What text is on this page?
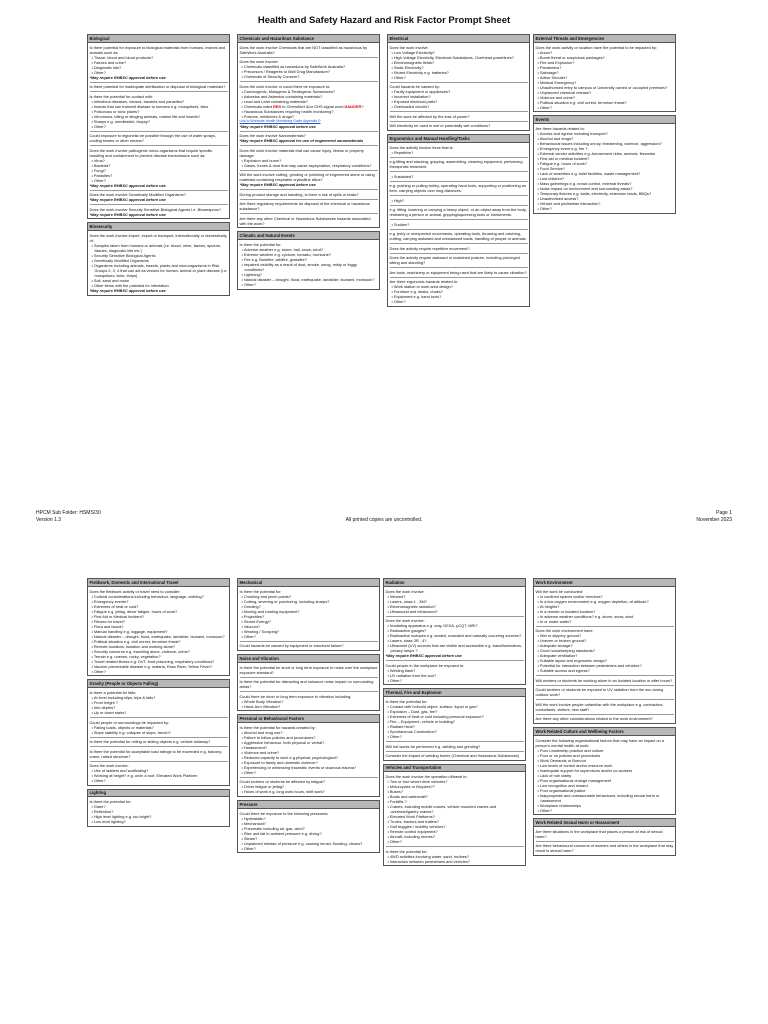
Health and Safety Hazard and Risk Factor Prompt Sheet
Biological

Is there potential for exposure to biological materials from humans, insects and animals such as:

• Tissue, blood and blood products?

• Faeces and urine?

• Diagnostic kits?

• Other?

*May require RHBSC approval before use

Is there potential for inadequate sterilisation or disposal of biological materials?

Is there the potential for contact with:

• Infectious diseases, viruses, bacteria and parasites?

• Insects that can transmit disease to humans e.g. mosquitoes, ticks

• Poisonous or toxic plants?

• Venomous, biting or stinging animals, marine life and insects?

• Sharps e.g. needlestick, biopsy?

• Other?

Could exposure to legionella be possible through the use of water sprays, cooling towers or other means?

Does the work involve pathogenic micro-organisms that require specific handling and containment to prevent disease transmission such as:

• Virus?

• Bacteria?

• Fungi?

• Parasites?

• Other?

*May require RHBSC approval before use

Does the work involve Genetically Modified Organisms?

*May require RHBSC approval before use

Does the work involve Security Sensitive Biological Agents i.e. Bioweapons?

*May require RHBSC approval before use

Biosecurity

Does the work involve import, export or transport, internationally or domestically, of:

• Samples taken from humans or animals (i.e. blood, urine, faeces, sputum, tissues, diagnostic kits etc.)

• Security Sensitive Biological Agents

• Genetically Modified Organisms

• Organisms including animals, insects, plants and microorganisms in Risk Groups 2, 3, 4 that can act as vectors for human, animal or plant disease (i.e. mosquitoes, ticks, thrips)

• Soil, sand and moke

• Other items with the potential for infestation

*May require RHBSC approval before use

Chemicals and Hazardous Substance

Does the work involve Chemicals that are NOT classified as hazardous by SafeWork Australia?

Does the work involve:

• Chemicals classified as hazardous by SafeWork Australia?

• Precursors / Reagents to Illicit Drug Manufacture?

• Chemicals of Security Concern?

Does the work involve or could there be exposure to:

• Carcinogenic, Mutagenic & Teratogenic Substances?

• Asbestos and Asbestos containing materials?

• Lead and Lead containing materials?

• Chemicals rated RED in ChemAlert &/or GHS signal word DANGER?

• Hazardous Substances requiring health monitoring?

• Poisons, medicines & drugs?

Link to Worksafe Health Monitoring Guide Appendix D

*May require RHBSC approval before use

Does the work involve Nanomaterials?

*May require RHBSC approval for use of engineered nanomaterials

Does the work involve materials that can cause injury, illness or property damage:

• Explosion and burns?

• Gases, fumes & dust that may cause asphyxiation, respiratory conditions?

Will the work involve cutting, grinding or polishing of engineered stone or using materials containing respirable crystalline silica?

*May require RHBSC approval before use

During product storage and handling, is there a risk of spills or leaks?

Are there regulatory requirements for disposal of the chemical or hazardous substance?

Are there any other Chemical or Hazardous Substances hazards associated with the work?

Climatic and Natural Events

Is there the potential for:

• Adverse weather e.g. storm, hail, snow, wind?

• Extreme weather e.g. cyclone, tornado, hurricane?

• Fire e.g. Bushfire, wildfire, grassfire?

• Impaired visibility as a result of dust, smoke, smog, misty or foggy conditions?

• Lightning?

• Natural disaster – drought, flood, earthquake, landslide, tsunami, monsoon?

• Other?

Electrical

Does the work involve:

• Low Voltage Electricity?

• High Voltage Electricity, Electrical Substations, Overhead powerlines?

• Electromagnetic fields?

• Static Electricity?

• Stored Electricity e.g. batteries?

• Other?

Could hazards be caused by:

• Faulty equipment or appliances?

• Incorrect installation?

• Exposed electrical parts?

• Overloaded circuits?

Will the work be affected by the loss of power?

Will electricity be used in wet or potentially wet conditions?

Ergonomics and Manual Handling/Tasks

Does the activity involve force that is:

• Repetitive?

e.g.lifting and stacking, gripping, assembling, cleaning equipment, performing therapeutic treatment.

• Sustained?

e.g. pushing or pulling trolley, operating hand tools, supporting or positioning an item, carrying objects over long distances.

• High?

e.g. lifting, lowering or carrying a heavy object, or an object away from the body, restraining a person or animal, gripping/squeezing tools or instruments.

• Sudden?

e.g. jerky or unexpected movements, operating tools, throwing and catching, cutting, carrying awkward and unbalanced loads, handling of people or animals.

Does the activity require repetitive movement?

Does the activity require awkward or sustained posture, including prolonged sitting and standing?

Are tools, machinery or equipment being used that are likely to cause vibration?

Are there ergonomic hazards related to:

• Work station or work area design?

• Furniture e.g. desks, chairs?

• Equipment e.g. hand tools?

• Other?

External Threats and Emergencies

Does the work activity or location have the potential to be impacted by:

• Arson?

• Bomb threat or suspicious packages?

• Fire and Explosion?

• Pandemics?

• Sabotage?

• Active Shooter?

• Medical Emergency?

• Unauthorised entry to campus or University owned or occupied premises?

• Unplanned chemical release?

• Violence and crime?

• Political situation e.g. civil unrest, terrorism threat?

• Other?

Events

Are there hazards related to:

• Access and egress including transport?

• Alcohol and drugs?

• Behavioural issues including unruly, threatening, violence, aggression?

• Emergency event e.g. fire ?

• External vendor activities e.g. Amusement rides, animals, fireworks

• First aid or medical incident?

• Fatigue e.g. hours of work?

• Food Service?

• Lack of amenities e.g. toilet facilities, waste management?

• Lost children?

• Mass gatherings e.g. crowd control, external threats?

• Noise impact on environment and surrounding areas?

• Temporary fixtures e.g. stalls, electricity, extension leads, BBQs?

• Unauthorised access?

• Vehicle and pedestrian interaction?

• Other?

HPCM Sub Folder: HSMS/30
Version 1.3	All printed copies are uncontrolled.
Page 1
November 2023
Fieldwork, Domestic and International Travel

Does the fieldwork activity or travel need to consider:

• Cultural considerations including behaviour, language, clothing?

• Emergency events?

• Extremes of heat or cold?

• Fatigue e.g. jetlag, driver fatigue, hours of work?

• First Aid or Medical Incident?

• Fitness for travel?

• Flora and fauna?

• Manual handling e.g. luggage, equipment?

• Natural disaster – drought, flood, earthquake, landslide, tsunami, monsoon?

• Political situation e.g. civil unrest, terrorism threat?

• Remote locations, isolation and working alone?

• Security concerns e.g. travelling alone, violence, crime?

• Terrain e.g. uneven, rocky, vegetation?

• Travel related illness e.g. DVT, food poisoning, respiratory conditions?

• Vaccine preventable disease e.g. malaria, Ross River, Yellow Fever?

• Other?

Gravity (People or Objects Falling)

Is there a potential for falls:

• At level including slips, trips & falls?

• From height ?

• Into depths?

• Up or down stairs?

Could people or surroundings be impacted by:

• Falling loads, objects or materials?

• Slope stability e.g. collapse of slope, trench?

Is there the potential for rolling or sliding objects e.g. vehicle rollaway?

Is there the potential for acceptable load ratings to be exceeded e.g. balcony, crane, raised structure?

Does the work involve:

• Use of ladders and scaffolding?

• Working at height? e.g. on/in a roof, Elevated Work Platform

• Other?

Lighting

Is there the potential for:

• Glare?

• Reflection?

• High level lighting e.g. too bright?

• Low level lighting?

Mechanical

Is there the potential for:

• Crushing and pinch points?

• Cutting, severing or puncturing, including sharps?

• Grinding?

• Moving and rotating equipment?

• Projectiles?

• Stored Energy?

• Vacuum?

• Wearing / Scraping?

• Other?

Could hazards be caused by equipment or structural failure?

Noise and Vibration

Is there the potential for short or long term exposure to noise over the workplace exposure standard?

Is there the potential for distracting and nuisance noise impact on surrounding areas?

Could there be short or long term exposure to vibration including:

• Whole Body Vibration?

• Hand-Arm Vibration?

Personal or Behavioural Factors

Is there the potential for hazards created by:

• Alcohol and drug use?

• Failure to follow policies and procedures?

• Aggressive behaviour, both physical or verbal?

• Harassment?

• Violence and crime?

• Reduced capacity to work e.g.physical, psychological?

• Exposure to family and domestic violence?

• Experiencing or witnessing traumatic events or vicarious trauma?

• Other?

Could workers or students be affected by fatigue?

• Driver fatigue or jetlag?

• Hours of work e.g. long work hours, shift work?

Pressure

Could there be exposure to the following pressures:

• Hydrostatic?

• Mechanical?

• Pneumatic including air, gas, wind?

• Rise and fall in ambient pressure e.g. diving?

• Steam?

• Unplanned release of pressure e.g. causing inrush, flooding, cleans?

• Other?

Radiation

Does the work involve:

• Infrared?

• Lasers, class 1 - 3M?

• Electromagnetic radiation?

• Ultrasound and infrasound?

Does the work involve:

• Irradiating apparatus e.g. xray, DEXA, pCQT, MRI?

• Radioactive gauges?

• Radioactive isotopes e.g. sealed, unsealed and naturally occurring sources?

• Lasers, class 3R - 4?

• Ultraviolet (UV) sources that are visible and accessible e.g. transilluminators, privacy lamps ?

*May require RHBSC approval before use

Could people in the workplace be exposed to:

• Welding flash?

• UV radiation from the sun?

• Other?

Thermal, Fire and Explosion

Is there the potential for:

• Contact with hot/cold object, surface, liquid or gas?

• Explosion – Dust, gas, fire?

• Extremes of heat or cold including personal exposure?

• Fire – Equipment, vehicle or building?

• Radiant Heat?

• Spontaneous Combustion?

• Other?

Will hot works be performed e.g. welding and grinding?

Consider the impact of welding fumes (Chemical and Hazardous Substances)

Vehicles and Transportation

Does the work involve the operation of/travel in:

• Two or four wheel drive vehicles?

• Motorcycles or Bicycles??

• Buses?

• Boats and watercraft?

• Forklifts ?

• Cranes, including mobile cranes, vehicle mounted cranes and overhead/gantry cranes?

• Elevated Work Platforms?

• Trucks, tractors and trailers?

• Golf buggies / mobility vehicles?

• Remote control equipment?

• Aircraft, including drones?

• Other?

Is there the potential for:

• 4WD activities involving water, sand, inclines?

• Interaction between pedestrians and vehicles?

Work Environment

Will the work be conducted:

• In confined spaces and/or trenches?

• In a low oxygen environment e.g. oxygen depletion, at altitude?

• At heights?

• In a remote or isolated location?

• In adverse weather conditions? e.g. storm, snow, wind

• In or under water?

Does the work environment have:

• Wet or slippery ground?

• Uneven or broken ground?

• Adequate storage?

• Good housekeeping standards?

• Adequate ventilation?

• Suitable layout and ergonomic design?

• Potential for interaction between pedestrians and vehicles?

• Suitable access and egress?

Will workers or students be working alone in an isolated location or after hours?

Could workers or students be exposed to UV radiation from the sun during outdoor work?

Will the work involve people unfamiliar with the workplace e.g. contractors, consultants, visitors, new staff?

Are there any other considerations related to the work environment?

Work Related Culture and Wellbeing Factors

Consider the following organisational factors that may have an impact on a person's mental health at work:

• Poor Leadership practice and culture

• Poor or no policies and procedures

• Work Demands or Burnout

• Low levels of control and/or insecure work

• Inadequate support for supervisors and/or co-workers

• Lack of role clarity

• Poor organisational change management

• Low recognition and reward

• Poor organisational justice

• Inappropriate and unreasonable behaviours, including sexual harm or harassment

• Workplace relationships

• Other?

Work Related Sexual Harm or Harassment

Are there situations in the workplace that places a person at risk of sexual harm?

Are there behavioural concerns of workers and others in the workplace that may result in sexual harm?
